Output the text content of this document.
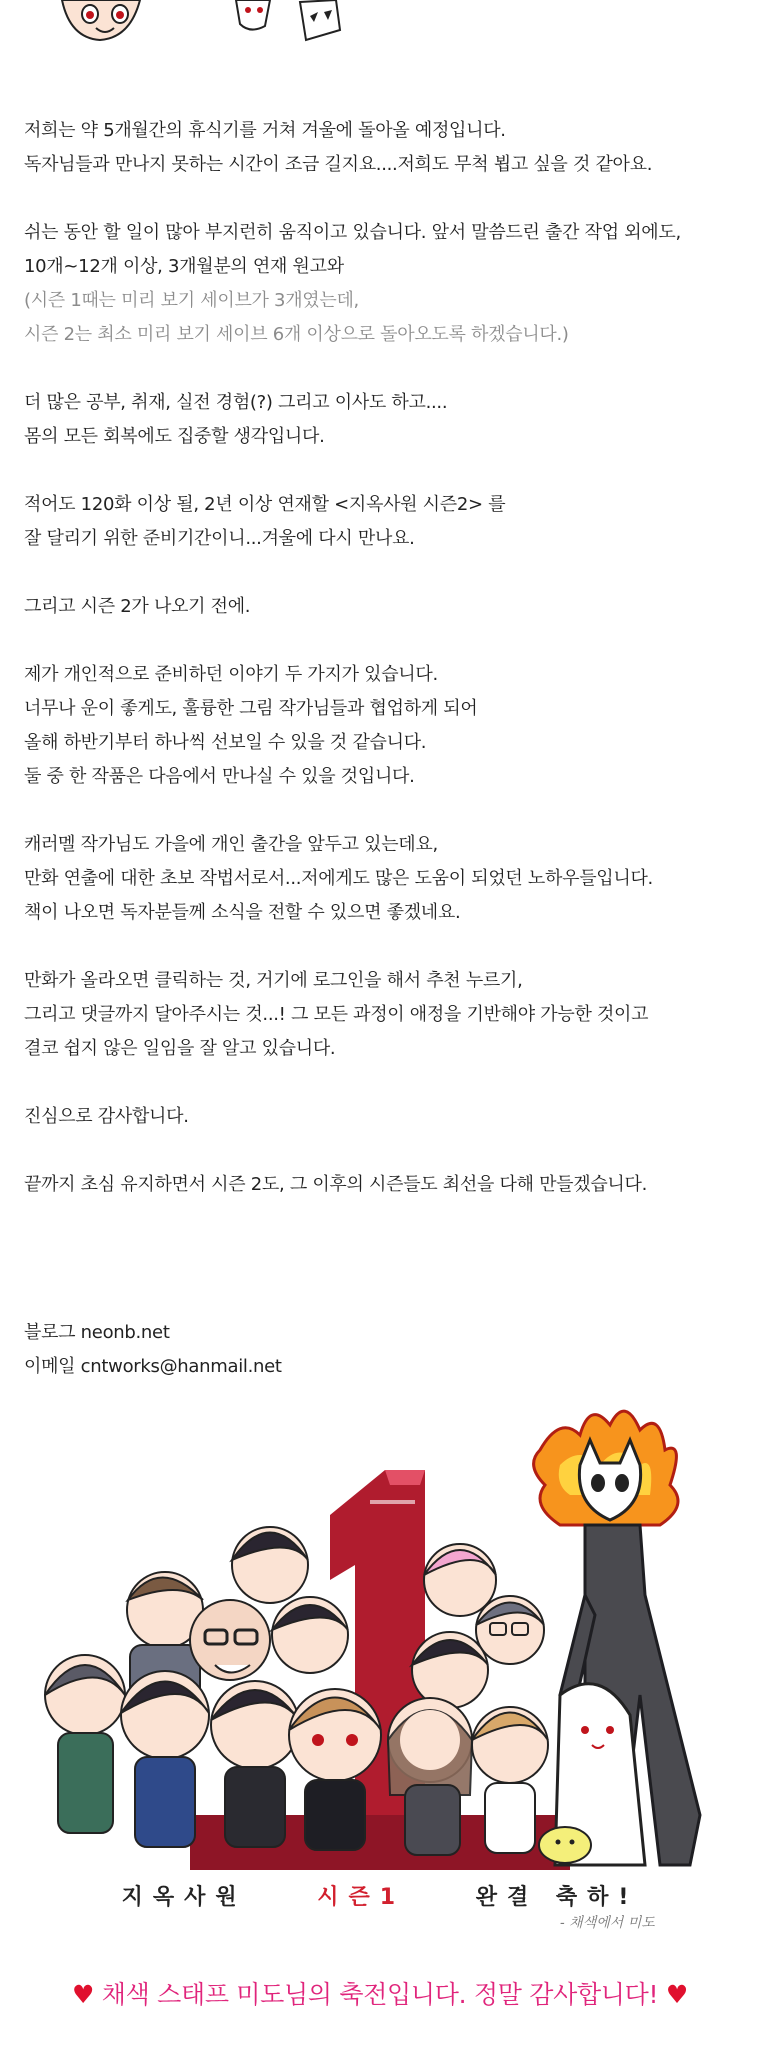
저희는 약 5개월간의 휴식기를 거쳐 겨울에 돌아올 예정입니다.

독자님들과 만나지 못하는 시간이 조금 길지요....저희도 무척 뵙고 싶을 것 같아요.

쉬는 동안 할 일이 많아 부지런히 움직이고 있습니다. 앞서 말씀드린 출간 작업 외에도,

10개~12개 이상, 3개월분의 연재 원고와

(시즌 1때는 미리 보기 세이브가 3개였는데,

시즌 2는 최소 미리 보기 세이브 6개 이상으로 돌아오도록 하겠습니다.)

더 많은 공부, 취재, 실전 경험(?) 그리고 이사도 하고....

몸의 모든 회복에도 집중할 생각입니다.

적어도 120화 이상 될, 2년 이상 연재할 <지옥사원 시즌2> 를

잘 달리기 위한 준비기간이니...겨울에 다시 만나요.

그리고 시즌 2가 나오기 전에.

제가 개인적으로 준비하던 이야기 두 가지가 있습니다.

너무나 운이 좋게도, 훌륭한 그림 작가님들과 협업하게 되어

올해 하반기부터 하나씩 선보일 수 있을 것 같습니다.

둘 중 한 작품은 다음에서 만나실 수 있을 것입니다.

캐러멜 작가님도 가을에 개인 출간을 앞두고 있는데요,

만화 연출에 대한 초보 작법서로서...저에게도 많은 도움이 되었던 노하우들입니다.

책이 나오면 독자분들께 소식을 전할 수 있으면 좋겠네요.

만화가 올라오면 클릭하는 것, 거기에 로그인을 해서 추천 누르기,

그리고 댓글까지 달아주시는 것...! 그 모든 과정이 애정을 기반해야 가능한 것이고

결코 쉽지 않은 일임을 잘 알고 있습니다.

진심으로 감사합니다.

끝까지 초심 유지하면서 시즌 2도, 그 이후의 시즌들도 최선을 다해 만들겠습니다.

블로그 neonb.net

이메일 cntworks@hanmail.net

지옥사원	시즌1	완결 축하!
- 채색에서 미도
♥ 채색 스태프 미도님의 축전입니다. 정말 감사합니다! ♥
